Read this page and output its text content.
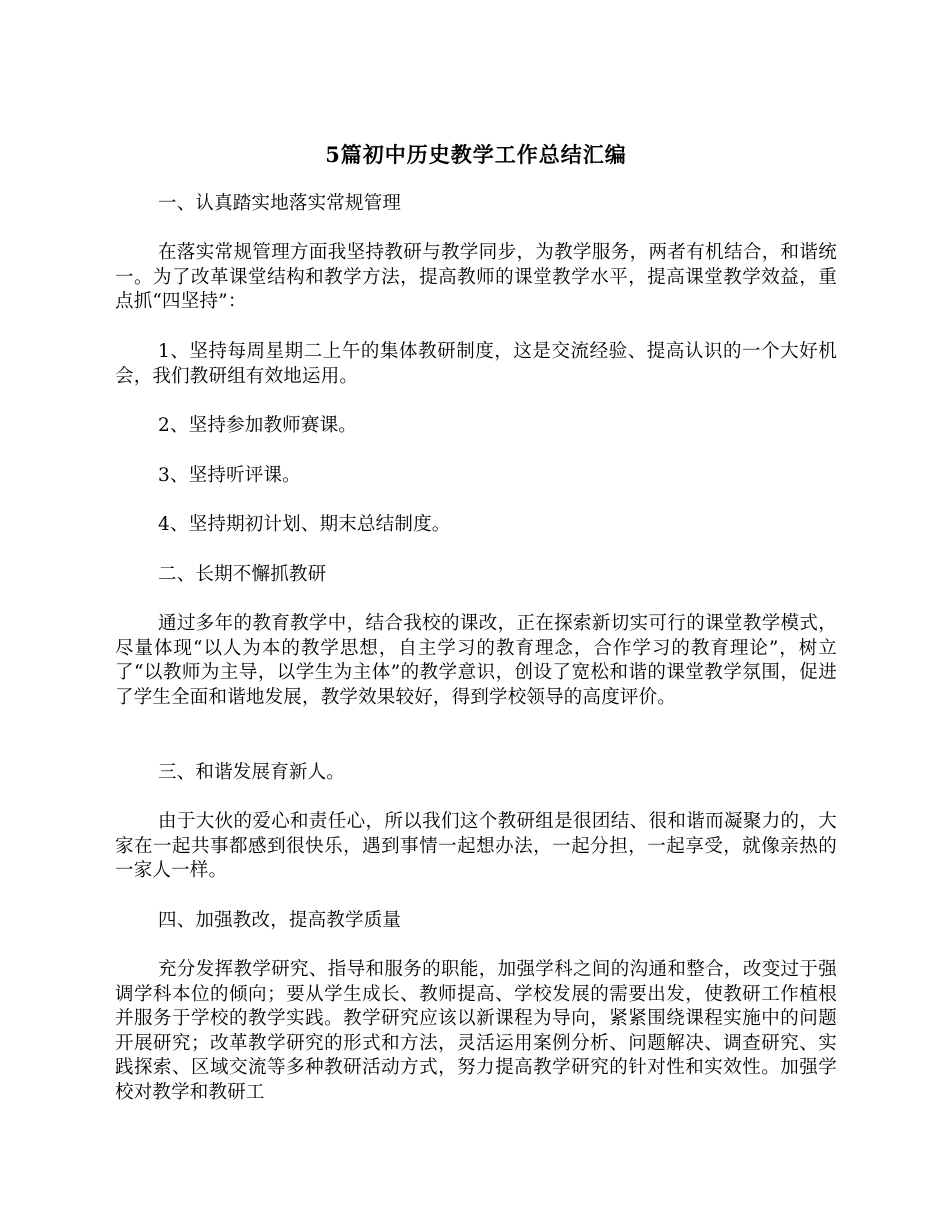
5篇初中历史教学工作总结汇编

一、认真踏实地落实常规管理

在落实常规管理方面我坚持教研与教学同步，为教学服务，两者有机结合，和谐统一。为了改革课堂结构和教学方法，提高教师的课堂教学水平，提高课堂教学效益，重点抓“四坚持”：

1、坚持每周星期二上午的集体教研制度，这是交流经验、提高认识的一个大好机会，我们教研组有效地运用。

2、坚持参加教师赛课。

3、坚持听评课。

4、坚持期初计划、期末总结制度。

二、长期不懈抓教研

通过多年的教育教学中，结合我校的课改，正在探索新切实可行的课堂教学模式，尽量体现“以人为本的教学思想，自主学习的教育理念，合作学习的教育理论”，树立了“以教师为主导，以学生为主体”的教学意识，创设了宽松和谐的课堂教学氛围，促进了学生全面和谐地发展，教学效果较好，得到学校领导的高度评价。

三、和谐发展育新人。

由于大伙的爱心和责任心，所以我们这个教研组是很团结、很和谐而凝聚力的，大家在一起共事都感到很快乐，遇到事情一起想办法，一起分担，一起享受，就像亲热的一家人一样。

四、加强教改，提高教学质量

充分发挥教学研究、指导和服务的职能，加强学科之间的沟通和整合，改变过于强调学科本位的倾向；要从学生成长、教师提高、学校发展的需要出发，使教研工作植根并服务于学校的教学实践。教学研究应该以新课程为导向，紧紧围绕课程实施中的问题开展研究；改革教学研究的形式和方法，灵活运用案例分析、问题解决、调查研究、实践探索、区域交流等多种教研活动方式，努力提高教学研究的针对性和实效性。加强学校对教学和教研工
